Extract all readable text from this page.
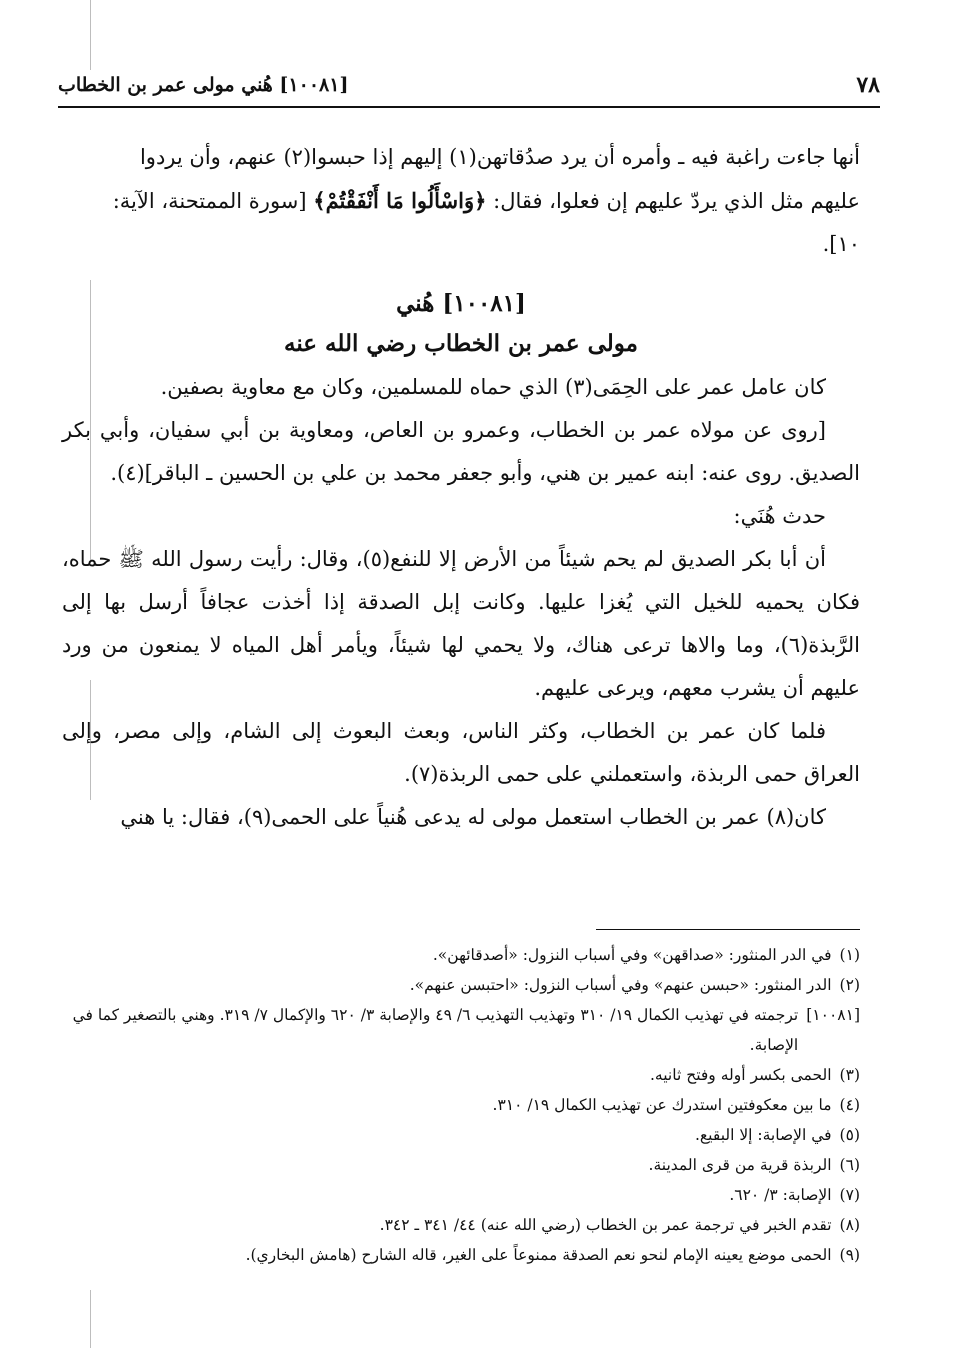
٧٨
[١٠٠٨١] هُني مولى عمر بن الخطاب

أنها جاءت راغبة فيه ـ وأمره أن يرد صدُقاتهن(١) إليهم إذا حبسوا(٢) عنهم، وأن يردوا

عليهم مثل الذي يردّ عليهم إن فعلوا، فقال: ﴿وَاسْأَلُوا مَا أَنْفَقْتُمْ﴾ [سورة الممتحنة، الآية:

١٠].

[١٠٠٨١] هُني
مولى عمر بن الخطاب رضي الله عنه

كان عامل عمر على الحِمَى(٣) الذي حماه للمسلمين، وكان مع معاوية بصفين.

[روى عن مولاه عمر بن الخطاب، وعمرو بن العاص، ومعاوية بن أبي سفيان، وأبي بكر الصديق. روى عنه: ابنه عمير بن هني، وأبو جعفر محمد بن علي بن الحسين ـ الباقر](٤).

حدث هُنَي:

أن أبا بكر الصديق لم يحم شيئاً من الأرض إلا للنفع(٥)، وقال: رأيت رسول الله ﷺ حماه، فكان يحميه للخيل التي يُغزا عليها. وكانت إبل الصدقة إذا أخذت عجافاً أرسل بها إلى الرَّبذة(٦)، وما والاها ترعى هناك، ولا يحمي لها شيئاً، ويأمر أهل المياه لا يمنعون من ورد عليهم أن يشرب معهم، ويرعى عليهم.

فلما كان عمر بن الخطاب، وكثر الناس، وبعث البعوث إلى الشام، وإلى مصر، وإلى العراق حمى الربذة، واستعملني على حمى الربذة(٧).

كان(٨) عمر بن الخطاب استعمل مولى له يدعى هُنياً على الحمى(٩)، فقال: يا هني

(١)
في الدر المنثور: «صداقهن» وفي أسباب النزول: «أصدقائهن».

(٢)
الدر المنثور: «حبسن عنهم» وفي أسباب النزول: «احتبسن عنهم».

[١٠٠٨١]
ترجمته في تهذيب الكمال ١٩/ ٣١٠ وتهذيب التهذيب ٦/ ٤٩ والإصابة ٣/ ٦٢٠ والإكمال ٧/ ٣١٩. وهني بالتصغير كما في الإصابة.

(٣)
الحمى بكسر أوله وفتح ثانيه.

(٤)
ما بين معكوفتين استدرك عن تهذيب الكمال ١٩/ ٣١٠.

(٥)
في الإصابة: إلا البقيع.

(٦)
الربذة قرية من قرى المدينة.

(٧)
الإصابة: ٣/ ٦٢٠.

(٨)
تقدم الخبر في ترجمة عمر بن الخطاب (رضي الله عنه) ٤٤/ ٣٤١ ـ ٣٤٢.

(٩)
الحمى موضع يعينه الإمام لنحو نعم الصدقة ممنوعاً على الغير، قاله الشارح (هامش البخاري).
